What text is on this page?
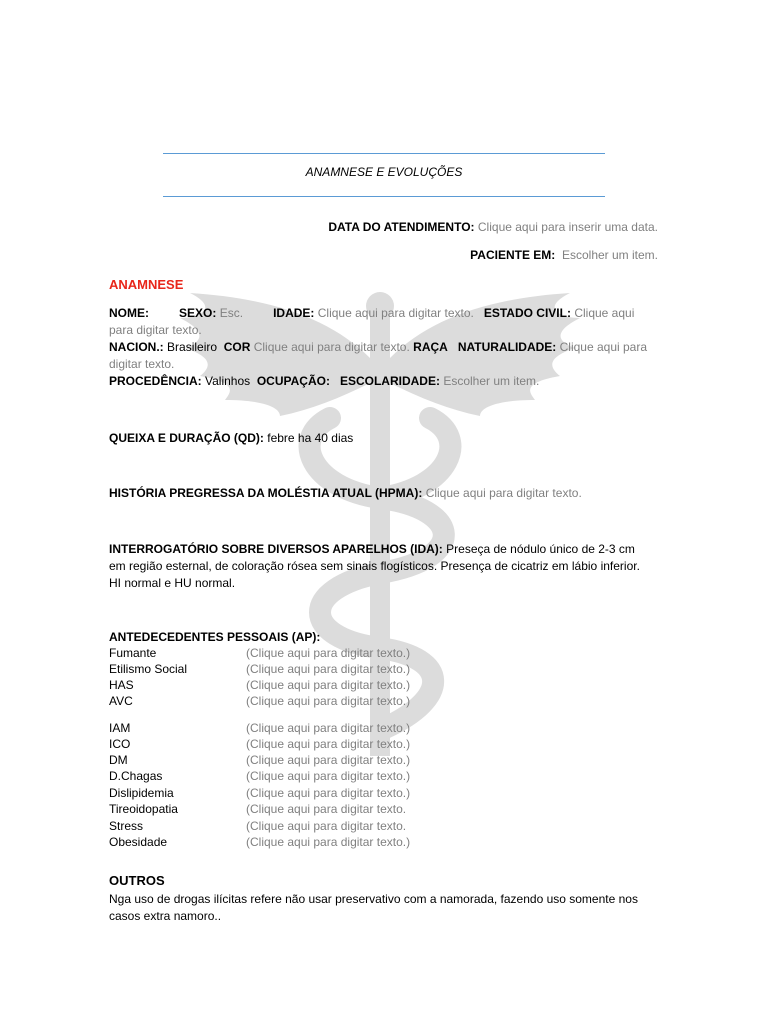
ANAMNESE E EVOLUÇÕES
DATA DO ATENDIMENTO: Clique aqui para inserir uma data.
PACIENTE EM: Escolher um item.
ANAMNESE
NOME:	SEXO: Esc.	IDADE: Clique aqui para digitar texto. ESTADO CIVIL: Clique aqui para digitar texto.
NACION.: Brasileiro COR Clique aqui para digitar texto. RAÇA NATURALIDADE: Clique aqui para digitar texto.
PROCEDÊNCIA: Valinhos OCUPAÇÃO: ESCOLARIDADE: Escolher um item.
QUEIXA E DURAÇÃO (QD): febre ha 40 dias
HISTÓRIA PREGRESSA DA MOLÉSTIA ATUAL (HPMA): Clique aqui para digitar texto.
INTERROGATÓRIO SOBRE DIVERSOS APARELHOS (IDA): Preseça de nódulo único de 2-3 cm em região esternal, de coloração rósea sem sinais flogísticos. Presença de cicatriz em lábio inferior. HI normal e HU normal.
ANTEDECEDENTES PESSOAIS (AP):
Fumante	(Clique aqui para digitar texto.)
Etilismo Social	(Clique aqui para digitar texto.)
HAS	(Clique aqui para digitar texto.)
AVC	(Clique aqui para digitar texto.)
IAM	(Clique aqui para digitar texto.)
ICO	(Clique aqui para digitar texto.)
DM	(Clique aqui para digitar texto.)
D.Chagas	(Clique aqui para digitar texto.)
Dislipidemia	(Clique aqui para digitar texto.)
Tireoidopatia	(Clique aqui para digitar texto.
Stress	(Clique aqui para digitar texto.
Obesidade	(Clique aqui para digitar texto.)
OUTROS
Nga uso de drogas ilícitas refere não usar preservativo com a namorada, fazendo uso somente nos casos extra namoro..
